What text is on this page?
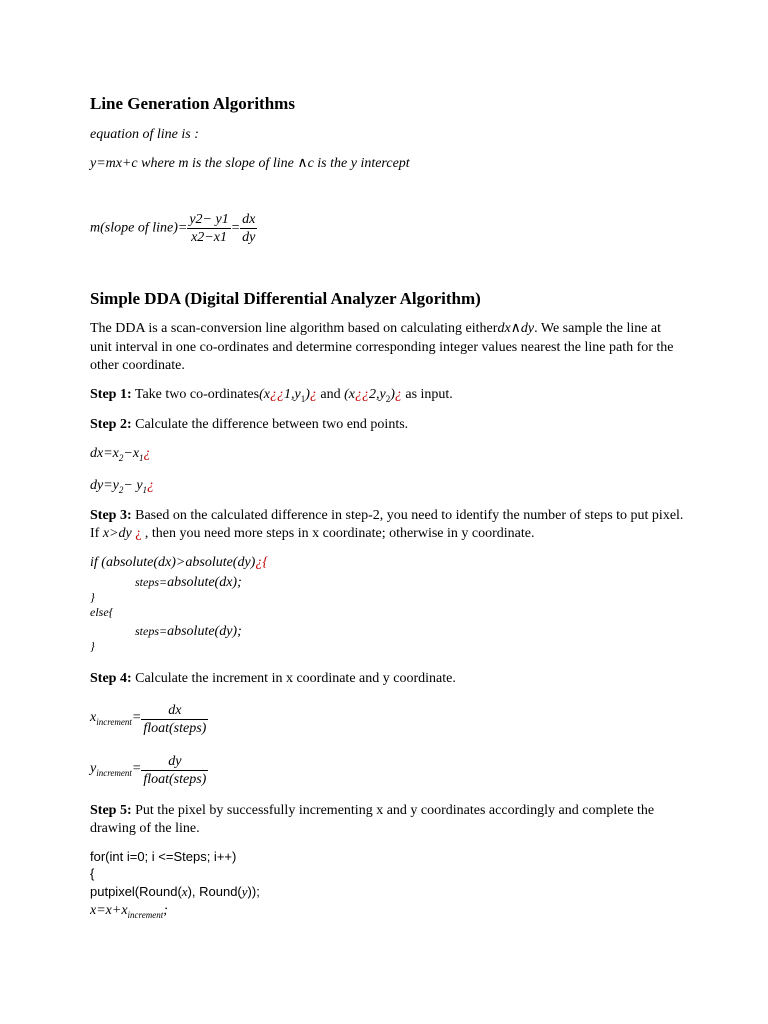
Line Generation Algorithms
equation of line is :
y=mx+c where m is the slope of line ∧c is the y intercept
m(slope of line)= $\frac{y2- y1}{x2-x1} = \frac{dx}{dy}$
Simple DDA (Digital Differential Analyzer Algorithm)
The DDA is a scan-conversion line algorithm based on calculating eitherdx∧dy. We sample the line at
unit interval in one co-ordinates and determine corresponding integer values nearest the line path for the
other coordinate.
Step 1: Take two $co-ordinates(x¿¿1,y_1)¿$ and $(x¿¿2,y_2)¿$ as input.
Step 2: Calculate the difference between two end points.
$dx=x_2-x_1¿$
$dy=y_2-$ $y_1¿$
Step 3: Based on the calculated difference in step-2, you need to identify the number of steps to put pixel.
If x>dy ¿ , then you need more steps in x coordinate; otherwise in y coordinate.
if (absolute(dx)>absolute(dy)¿{
steps=absolute(dx);
}
else{
steps=absolute(dy);
}
Step 4: Calculate the increment in x coordinate and y coordinate.
$x_{increment}= \frac{dx}{\text{float(steps)}}$
$y_{increment}= \frac{dy}{\text{float(steps)}}$
Step 5: Put the pixel by successfully incrementing x and y coordinates accordingly and complete the
drawing of the line.
for(int i=0; i <=Steps; i++)
{
putpixel(Round(x), Round(y));
$x=x+x_{increment}$;
